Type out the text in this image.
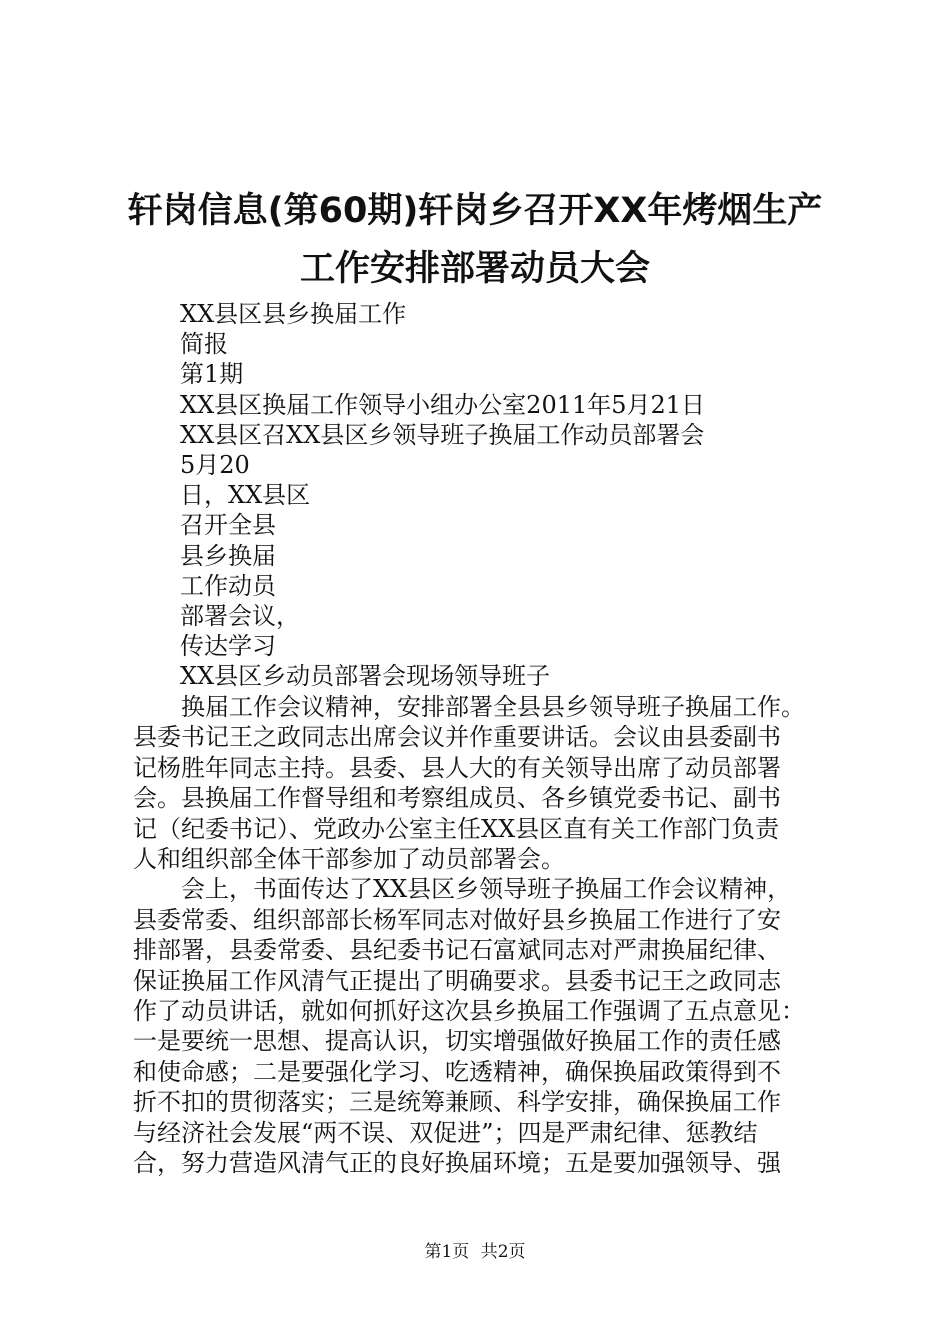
轩岗信息(第60期)轩岗乡召开XX年烤烟生产
工作安排部署动员大会
XX县区县乡换届工作
简报
第1期
XX县区换届工作领导小组办公室2011年5月21日
XX县区召XX县区乡领导班子换届工作动员部署会
5月20
日，XX县区
召开全县
县乡换届
工作动员
部署会议，
传达学习
XX县区乡动员部署会现场领导班子
换届工作会议精神，安排部署全县县乡领导班子换届工作。
县委书记王之政同志出席会议并作重要讲话。会议由县委副书
记杨胜年同志主持。县委、县人大的有关领导出席了动员部署
会。县换届工作督导组和考察组成员、各乡镇党委书记、副书
记（纪委书记）、党政办公室主任XX县区直有关工作部门负责
人和组织部全体干部参加了动员部署会。
会上，书面传达了XX县区乡领导班子换届工作会议精神，
县委常委、组织部部长杨军同志对做好县乡换届工作进行了安
排部署，县委常委、县纪委书记石富斌同志对严肃换届纪律、
保证换届工作风清气正提出了明确要求。县委书记王之政同志
作了动员讲话，就如何抓好这次县乡换届工作强调了五点意见：
一是要统一思想、提高认识，切实增强做好换届工作的责任感
和使命感；二是要强化学习、吃透精神，确保换届政策得到不
折不扣的贯彻落实；三是统筹兼顾、科学安排，确保换届工作
与经济社会发展“两不误、双促进”；四是严肃纪律、惩教结
合，努力营造风清气正的良好换届环境；五是要加强领导、强
第1页 共2页
